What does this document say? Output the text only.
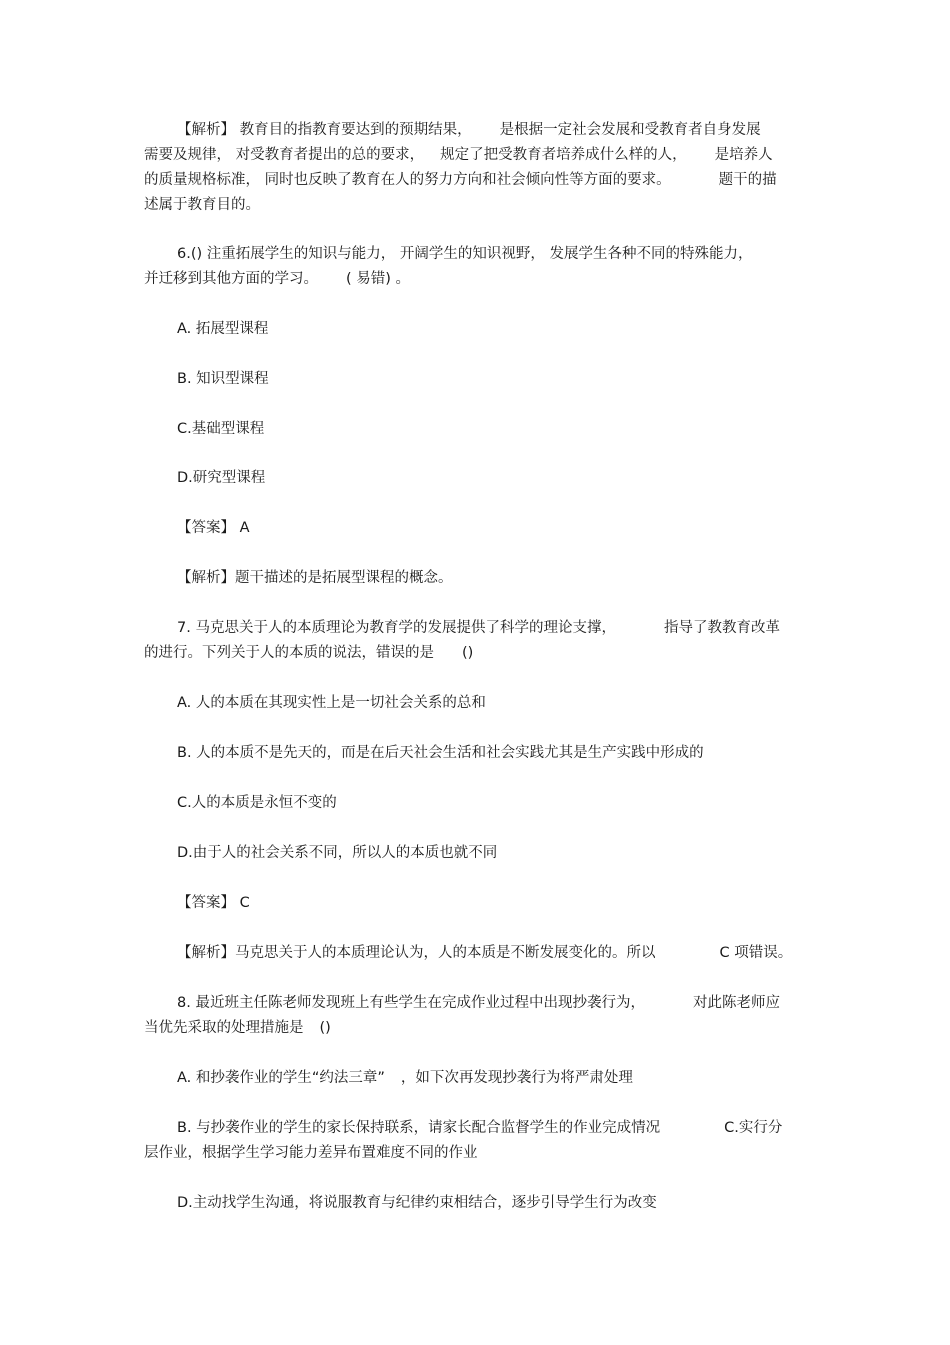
【解析】 教育目的指教育要达到的预期结果， 是根据一定社会发展和受教育者自身发展
需要及规律， 对受教育者提出的总的要求， 规定了把受教育者培养成什么样的人， 是培养人
的质量规格标准， 同时也反映了教育在人的努力方向和社会倾向性等方面的要求。	题干的描
述属于教育目的。
6.() 注重拓展学生的知识与能力， 开阔学生的知识视野， 发展学生各种不同的特殊能力，
并迁移到其他方面的学习。 ( 易错) 。

A. 拓展型课程

B. 知识型课程

C.基础型课程

D.研究型课程

【答案】 A

【解析】题干描述的是拓展型课程的概念。

7. 马克思关于人的本质理论为教育学的发展提供了科学的理论支撑，	指导了教教育改革
的进行。下列关于人的本质的说法，错误的是 ()

A. 人的本质在其现实性上是一切社会关系的总和

B. 人的本质不是先天的，而是在后天社会生活和社会实践尤其是生产实践中形成的

C.人的本质是永恒不变的

D.由于人的社会关系不同，所以人的本质也就不同

【答案】 C

【解析】马克思关于人的本质理论认为，人的本质是不断发展变化的。所以	C 项错误。

8. 最近班主任陈老师发现班上有些学生在完成作业过程中出现抄袭行为，	对此陈老师应
当优先采取的处理措施是 ()

A. 和抄袭作业的学生“约法三章” ，如下次再发现抄袭行为将严肃处理

B. 与抄袭作业的学生的家长保持联系，请家长配合监督学生的作业完成情况	C.实行分
层作业，根据学生学习能力差异布置难度不同的作业

D.主动找学生沟通，将说服教育与纪律约束相结合，逐步引导学生行为改变
